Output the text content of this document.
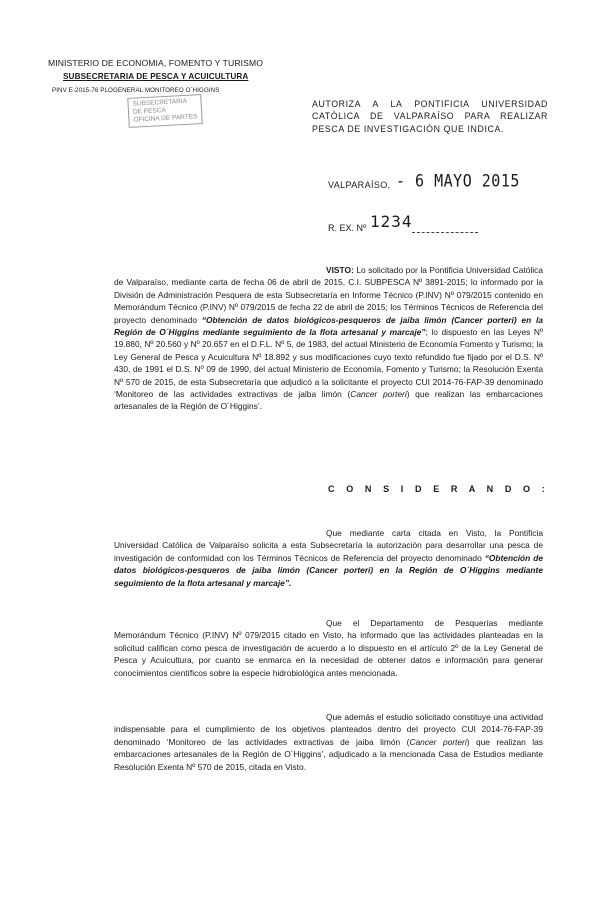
MINISTERIO DE ECONOMIA, FOMENTO Y TURISMO
SUBSECRETARIA DE PESCA Y ACUICULTURA
PINV E-2015-76 PLOGENERAL MONITOREO O´HIGGINS
SUBSECRETARIA
DE PESCA
OFICINA DE PARTES
AUTORIZA A LA PONTIFICIA UNIVERSIDAD
CATÓLICA DE VALPARAÍSO PARA REALIZAR
PESCA DE INVESTIGACIÓN QUE INDICA.
VALPARAÍSO, - 6 MAYO 2015
R. EX. Nº 1234
VISTO: Lo solicitado por la Pontificia Universidad Católica de Valparaíso, mediante carta de fecha 06 de abril de 2015, C.I. SUBPESCA Nº 3891-2015; lo informado por la División de Administración Pesquera de esta Subsecretaría en Informe Técnico (P.INV) Nº 079/2015 contenido en Memorándum Técnico (P.INV) Nº 079/2015 de fecha 22 de abril de 2015; los Términos Técnicos de Referencia del proyecto denominado “Obtención de datos biológicos-pesqueros de jaiba limón (Cancer porteri) en la Región de O´Higgins mediante seguimiento de la flota artesanal y marcaje”; lo dispuesto en las Leyes Nº 19.880, Nº 20.560 y Nº 20.657 en el D.F.L. Nº 5, de 1983, del actual Ministerio de Economía Fomento y Turismo; la Ley General de Pesca y Acuicultura Nº 18.892 y sus modificaciones cuyo texto refundido fue fijado por el D.S. Nº 430, de 1991 el D.S. Nº 09 de 1990, del actual Ministerio de Economía, Fomento y Turismo; la Resolución Exenta Nº 570 de 2015, de esta Subsecretaría que adjudicó a la solicitante el proyecto CUI 2014-76-FAP-39 denominado ‘Monitoreo de las actividades extractivas de jaiba limón (Cancer porteri) que realizan las embarcaciones artesanales de la Región de O´Higgins’.
C O N S I D E R A N D O :
Que mediante carta citada en Visto, la Pontificia Universidad Católica de Valparaíso solicita a esta Subsecretaría la autorización para desarrollar una pesca de investigación de conformidad con los Términos Técnicos de Referencia del proyecto denominado “Obtención de datos biológicos-pesqueros de jaiba limón (Cancer porteri) en la Región de O´Higgins mediante seguimiento de la flota artesanal y marcaje”.
Que el Departamento de Pesquerías mediante Memorándum Técnico (P.INV) Nº 079/2015 citado en Visto, ha informado que las actividades planteadas en la solicitud califican como pesca de investigación de acuerdo a lo dispuesto en el artículo 2º de la Ley General de Pesca y Acuicultura, por cuanto se enmarca en la necesidad de obtener datos e información para generar conocimientos científicos sobre la especie hidrobiológica antes mencionada.
Que además el estudio solicitado constituye una actividad indispensable para el cumplimiento de los objetivos planteados dentro del proyecto CUI 2014-76-FAP-39 denominado ‘Monitoreo de las actividades extractivas de jaiba limón (Cancer porteri) que realizan las embarcaciones artesanales de la Región de O´Higgins’, adjudicado a la mencionada Casa de Estudios mediante Resolución Exenta Nº 570 de 2015, citada en Visto.
